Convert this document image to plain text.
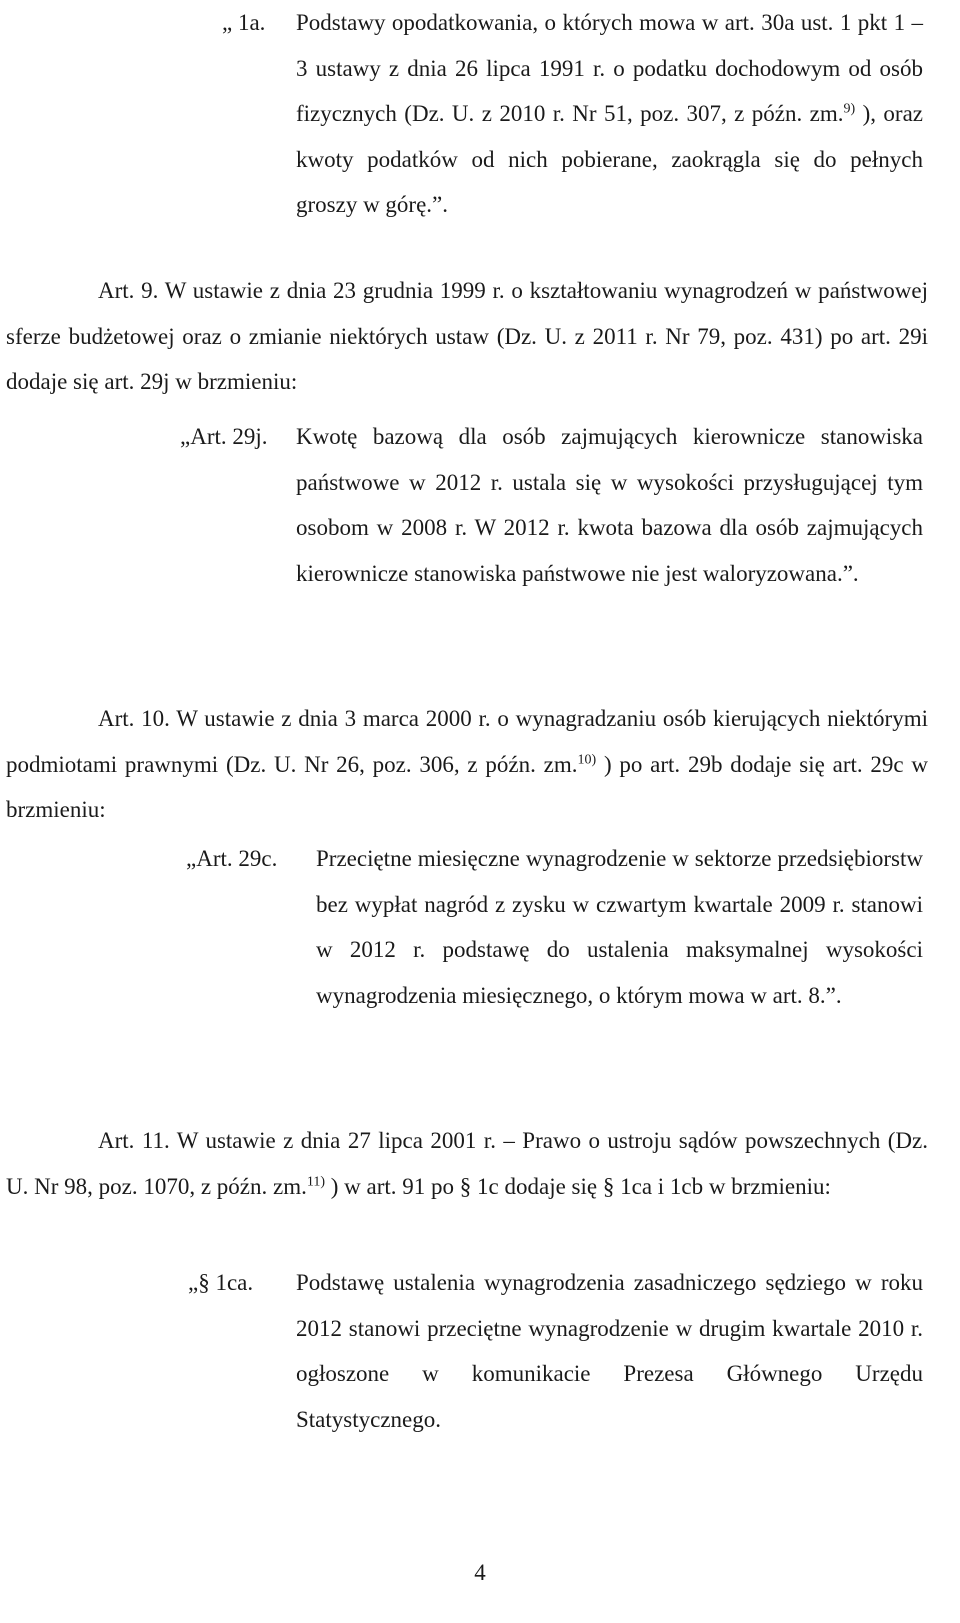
„ 1a. Podstawy opodatkowania, o których mowa w art. 30a ust. 1 pkt 1 – 3 ustawy z dnia 26 lipca 1991 r. o podatku dochodowym od osób fizycznych (Dz. U. z 2010 r. Nr 51, poz. 307, z późn. zm.$^{9)}$ ), oraz kwoty podatków od nich pobierane, zaokrągla się do pełnych groszy w górę.”.
Art. 9. W ustawie z dnia 23 grudnia 1999 r. o kształtowaniu wynagrodzeń w państwowej sferze budżetowej oraz o zmianie niektórych ustaw (Dz. U. z 2011 r. Nr 79, poz. 431) po art. 29i dodaje się art. 29j w brzmieniu:
„Art. 29j. Kwotę bazową dla osób zajmujących kierownicze stanowiska państwowe w 2012 r. ustala się w wysokości przysługującej tym osobom w 2008 r. W 2012 r. kwota bazowa dla osób zajmujących kierownicze stanowiska państwowe nie jest waloryzowana.”.
Art. 10. W ustawie z dnia 3 marca 2000 r. o wynagradzaniu osób kierujących niektórymi podmiotami prawnymi (Dz. U. Nr 26, poz. 306, z późn. zm.$^{10)}$ ) po art. 29b dodaje się art. 29c w brzmieniu:
„Art. 29c. Przeciętne miesięczne wynagrodzenie w sektorze przedsiębiorstw bez wypłat nagród z zysku w czwartym kwartale 2009 r. stanowi w 2012 r. podstawę do ustalenia maksymalnej wysokości wynagrodzenia miesięcznego, o którym mowa w art. 8.”.
Art. 11. W ustawie z dnia 27 lipca 2001 r. – Prawo o ustroju sądów powszechnych (Dz. U. Nr 98, poz. 1070, z późn. zm.$^{11)}$ ) w art. 91 po § 1c dodaje się § 1ca i 1cb w brzmieniu:
„§ 1ca. Podstawę ustalenia wynagrodzenia zasadniczego sędziego w roku 2012 stanowi przeciętne wynagrodzenie w drugim kwartale 2010 r. ogłoszone w komunikacie Prezesa Głównego Urzędu Statystycznego.
4
